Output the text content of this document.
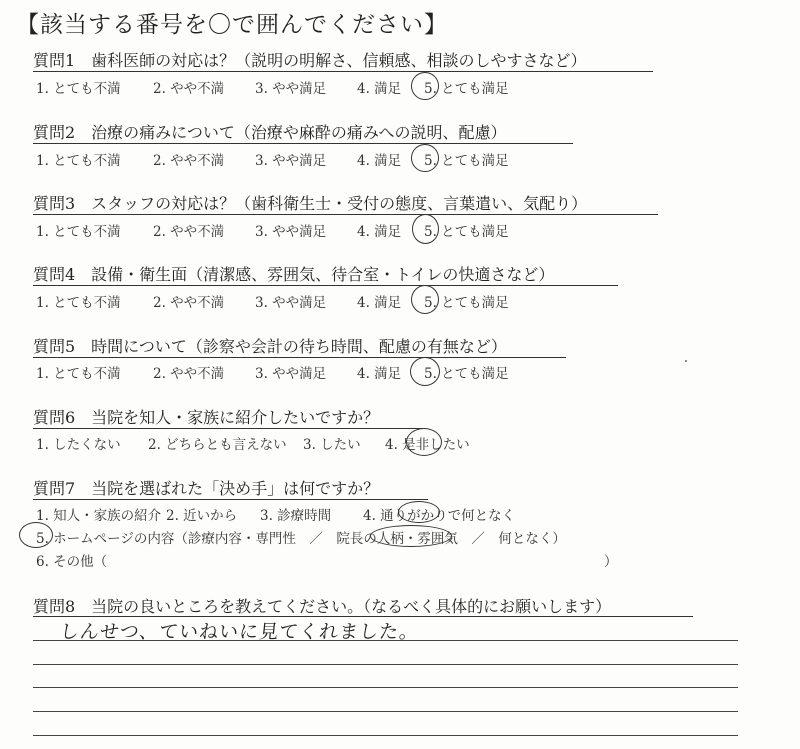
【該当する番号を〇で囲んでください】
質問1　歯科医師の対応は？（説明の明解さ、信頼感、相談のしやすさなど）
1. とても不満 2. やや不満 3. やや満足 4. 満足 5. とても満足
質問2　治療の痛みについて（治療や麻酔の痛みへの説明、配慮）
1. とても不満 2. やや不満 3. やや満足 4. 満足 5. とても満足
質問3　スタッフの対応は？（歯科衛生士・受付の態度、言葉遣い、気配り）
1. とても不満 2. やや不満 3. やや満足 4. 満足 5. とても満足
質問4　設備・衛生面（清潔感、雰囲気、待合室・トイレの快適さなど）
1. とても不満 2. やや不満 3. やや満足 4. 満足 5. とても満足
質問5　時間について（診察や会計の待ち時間、配慮の有無など）
1. とても不満 2. やや不満 3. やや満足 4. 満足 5. とても満足
質問6　当院を知人・家族に紹介したいですか？
1. したくない 2. どちらとも言えない 3. したい 4. 是非したい
質問7　当院を選ばれた「決め手」は何ですか？
1. 知人・家族の紹介 2. 近いから 3. 診療時間 4. 通りがかりで何となく
5. ホームページの内容（診療内容・専門性　／　院長の人柄・雰囲気　／　何となく）
6. その他（	）
質問8　当院の良いところを教えてください。（なるべく具体的にお願いします）
しんせつ、ていねいに見てくれました。
